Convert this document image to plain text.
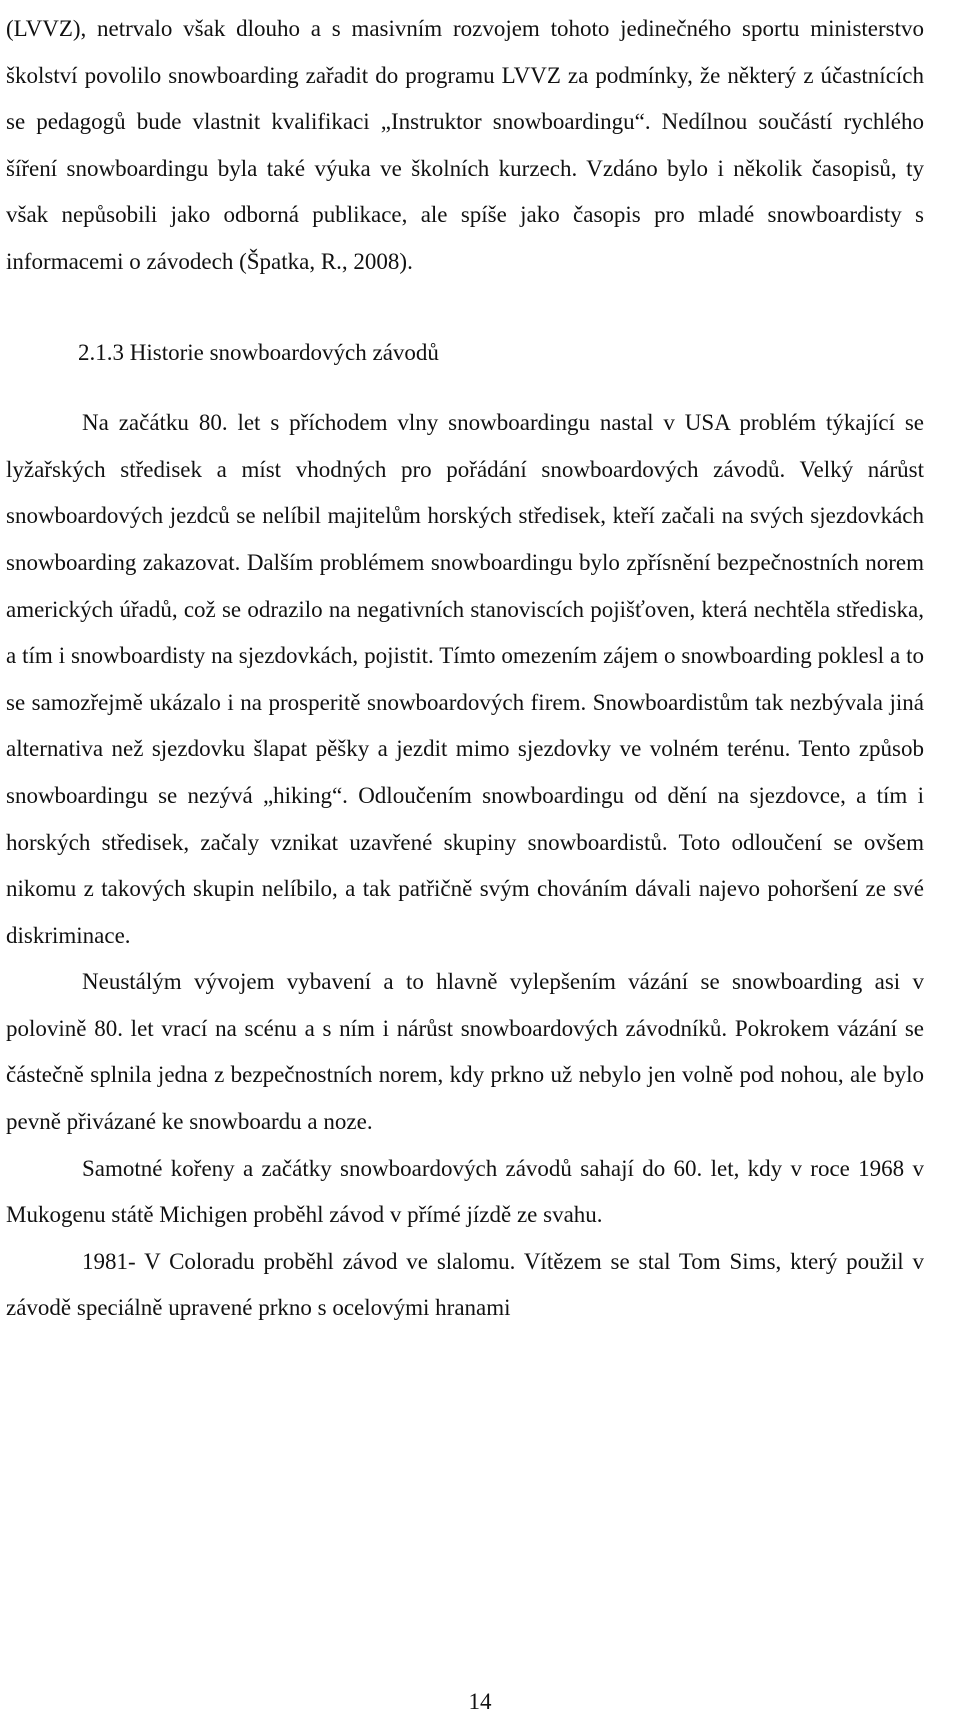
(LVVZ), netrvalo však dlouho a s masivním rozvojem tohoto jedinečného sportu ministerstvo školství povolilo snowboarding zařadit do programu LVVZ za podmínky, že některý z účastnících se pedagogů bude vlastnit kvalifikaci „Instruktor snowboardingu“. Nedílnou součástí rychlého šíření snowboardingu byla také výuka ve školních kurzech. Vzdáno bylo i několik časopisů, ty však nepůsobili jako odborná publikace, ale spíše jako časopis pro mladé snowboardisty s informacemi o závodech (Špatka, R., 2008).

2.1.3 Historie snowboardových závodů

Na začátku 80. let s příchodem vlny snowboardingu nastal v USA problém týkající se lyžařských středisek a míst vhodných pro pořádání snowboardových závodů. Velký nárůst snowboardových jezdců se nelíbil majitelům horských středisek, kteří začali na svých sjezdovkách snowboarding zakazovat. Dalším problémem snowboardingu bylo zpřísnění bezpečnostních norem amerických úřadů, což se odrazilo na negativních stanoviscích pojišťoven, která nechtěla střediska, a tím i snowboardisty na sjezdovkách, pojistit. Tímto omezením zájem o snowboarding poklesl a to se samozřejmě ukázalo i na prosperitě snowboardových firem. Snowboardistům tak nezbývala jiná alternativa než sjezdovku šlapat pěšky a jezdit mimo sjezdovky ve volném terénu. Tento způsob snowboardingu se nezývá „hiking“. Odloučením snowboardingu od dění na sjezdovce, a tím i horských středisek, začaly vznikat uzavřené skupiny snowboardistů. Toto odloučení se ovšem nikomu z takových skupin nelíbilo, a tak patřičně svým chováním dávali najevo pohoršení ze své diskriminace.

Neustálým vývojem vybavení a to hlavně vylepšením vázání se snowboarding asi v polovině 80. let vrací na scénu a s ním i nárůst snowboardových závodníků. Pokrokem vázání se částečně splnila jedna z bezpečnostních norem, kdy prkno už nebylo jen volně pod nohou, ale bylo pevně přivázané ke snowboardu a noze.

Samotné kořeny a začátky snowboardových závodů sahají do 60. let, kdy v roce 1968 v Mukogenu státě Michigen proběhl závod v přímé jízdě ze svahu.

1981- V Coloradu proběhl závod ve slalomu. Vítězem se stal Tom Sims, který použil v závodě speciálně upravené prkno s ocelovými hranami

14
